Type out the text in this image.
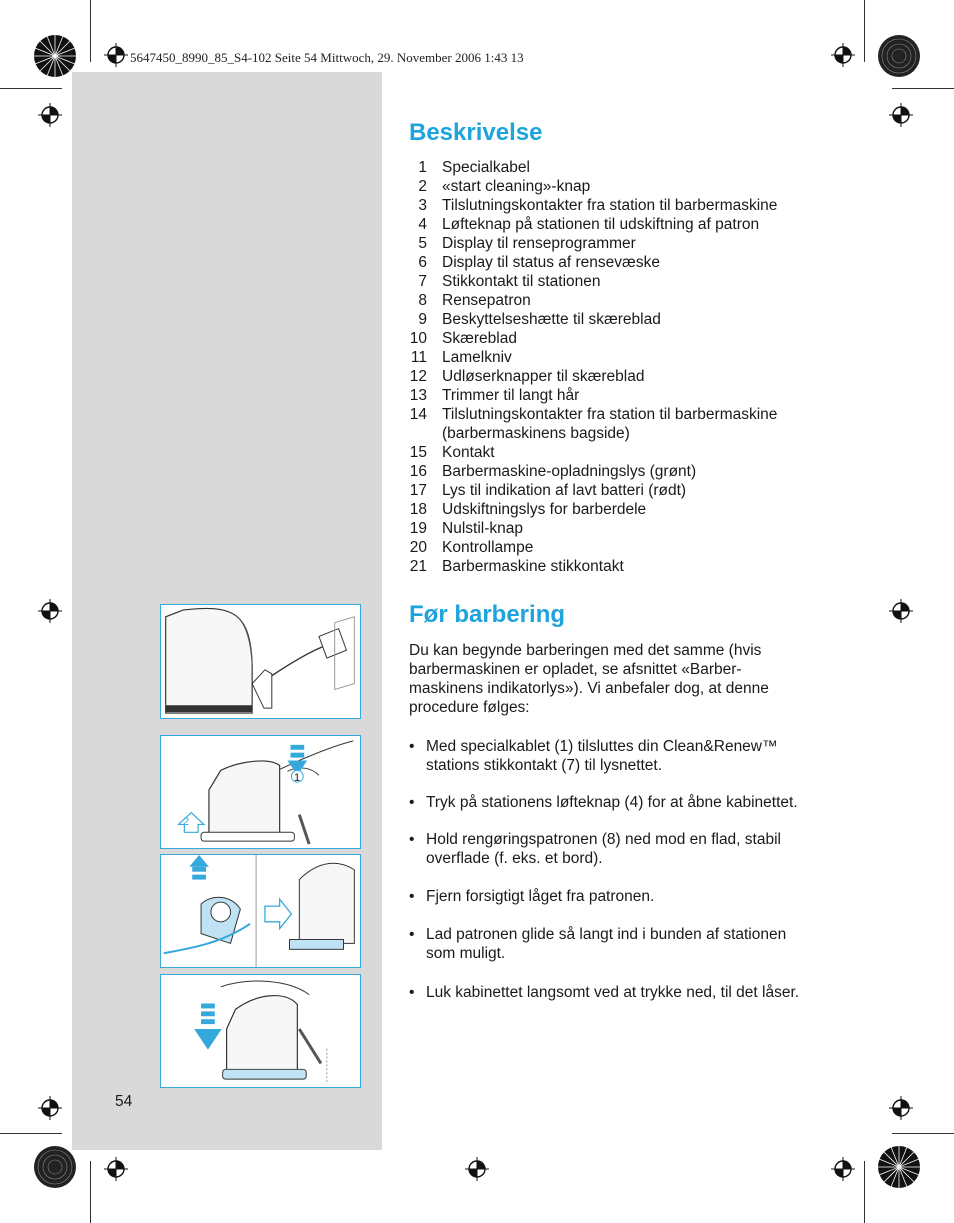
5647450_8990_85_S4-102 Seite 54 Mittwoch, 29. November 2006 1:43 13
Beskrivelse
1 Specialkabel
2 «start cleaning»-knap
3 Tilslutningskontakter fra station til barbermaskine
4 Løfteknap på stationen til udskiftning af patron
5 Display til renseprogrammer
6 Display til status af rensevæske
7 Stikkontakt til stationen
8 Rensepatron
9 Beskyttelseshætte til skæreblad
10 Skæreblad
11 Lamelkniv
12 Udløserknapper til skæreblad
13 Trimmer til langt hår
14 Tilslutningskontakter fra station til barbermaskine
(barbermaskinens bagside)
15 Kontakt
16 Barbermaskine-opladningslys (grønt)
17 Lys til indikation af lavt batteri (rødt)
18 Udskiftningslys for barberdele
19 Nulstil-knap
20 Kontrollampe
21 Barbermaskine stikkontakt
Før barbering

Du kan begynde barberingen med det samme (hvis
barbermaskinen er opladet, se afsnittet «Barber-
maskinens indikatorlys»). Vi anbefaler dog, at denne
procedure følges:

• Med specialkablet (1) tilsluttes din Clean&Renew™
stations stikkontakt (7) til lysnettet.
• Tryk på stationens løfteknap (4) for at åbne kabinettet.
• Hold rengøringspatronen (8) ned mod en flad, stabil
overflade (f. eks. et bord).
• Fjern forsigtigt låget fra patronen.
• Lad patronen glide så langt ind i bunden af stationen
som muligt.
• Luk kabinettet langsomt ved at trykke ned, til det låser.
1
2
54
